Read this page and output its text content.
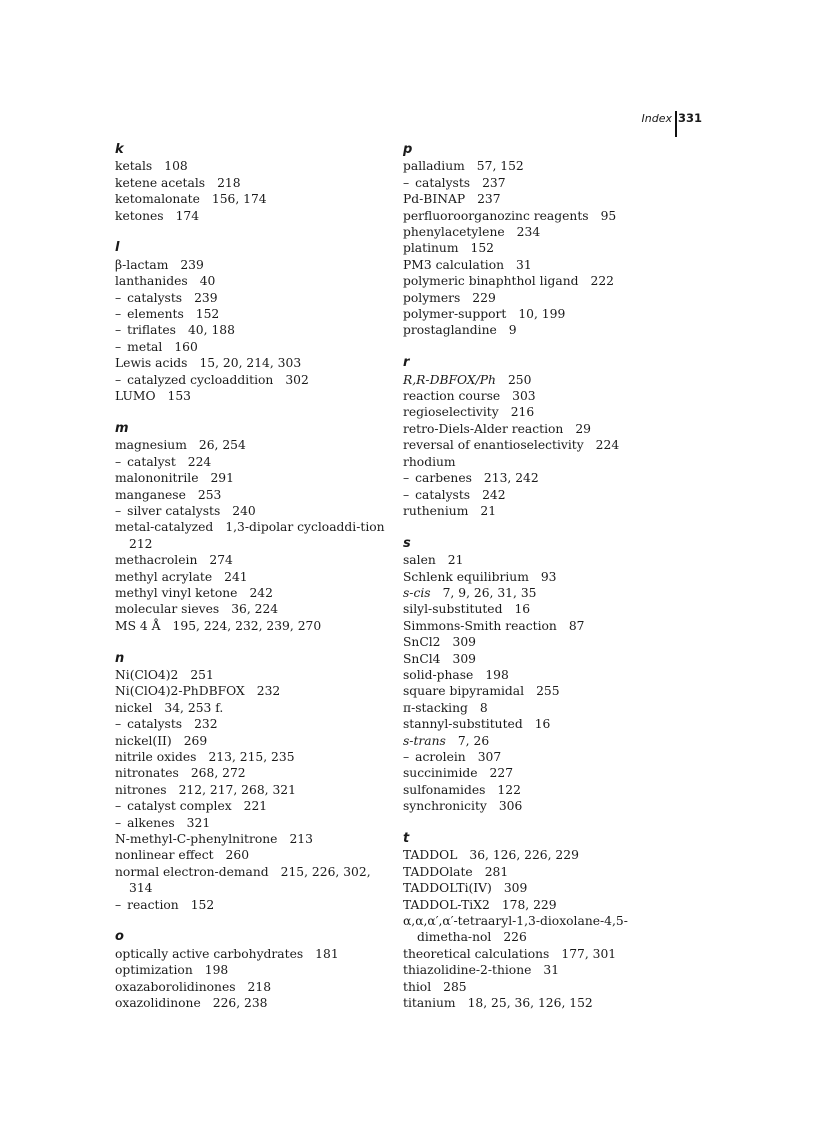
Index 331
k
ketals 108
ketene acetals 218
ketomalonate 156, 174
ketones 174
l
β-lactam 239
lanthanides 40
– catalysts 239
– elements 152
– triflates 40, 188
– metal 160
Lewis acids 15, 20, 214, 303
– catalyzed cycloaddition 302
LUMO 153
m
magnesium 26, 254
– catalyst 224
malononitrile 291
manganese 253
– silver catalysts 240
metal-catalyzed 1,3-dipolar cycloaddi-tion 212
methacrolein 274
methyl acrylate 241
methyl vinyl ketone 242
molecular sieves 36, 224
MS 4 Å 195, 224, 232, 239, 270
n
Ni(ClO4)2 251
Ni(ClO4)2-PhDBFOX 232
nickel 34, 253 f.
– catalysts 232
nickel(II) 269
nitrile oxides 213, 215, 235
nitronates 268, 272
nitrones 212, 217, 268, 321
– catalyst complex 221
– alkenes 321
N-methyl-C-phenylnitrone 213
nonlinear effect 260
normal electron-demand 215, 226, 302, 314
– reaction 152
o
optically active carbohydrates 181
optimization 198
oxazaborolidinones 218
oxazolidinone 226, 238
p
palladium 57, 152
– catalysts 237
Pd-BINAP 237
perfluoroorganozinc reagents 95
phenylacetylene 234
platinum 152
PM3 calculation 31
polymeric binaphthol ligand 222
polymers 229
polymer-support 10, 199
prostaglandine 9
r
R,R-DBFOX/Ph 250
reaction course 303
regioselectivity 216
retro-Diels-Alder reaction 29
reversal of enantioselectivity 224
rhodium
– carbenes 213, 242
– catalysts 242
ruthenium 21
s
salen 21
Schlenk equilibrium 93
s-cis 7, 9, 26, 31, 35
silyl-substituted 16
Simmons-Smith reaction 87
SnCl2 309
SnCl4 309
solid-phase 198
square bipyramidal 255
π-stacking 8
stannyl-substituted 16
s-trans 7, 26
– acrolein 307
succinimide 227
sulfonamides 122
synchronicity 306
t
TADDOL 36, 126, 226, 229
TADDOlate 281
TADDOLTi(IV) 309
TADDOL-TiX2 178, 229
α,α,α′,α′-tetraaryl-1,3-dioxolane-4,5-dimetha-nol 226
theoretical calculations 177, 301
thiazolidine-2-thione 31
thiol 285
titanium 18, 25, 36, 126, 152
